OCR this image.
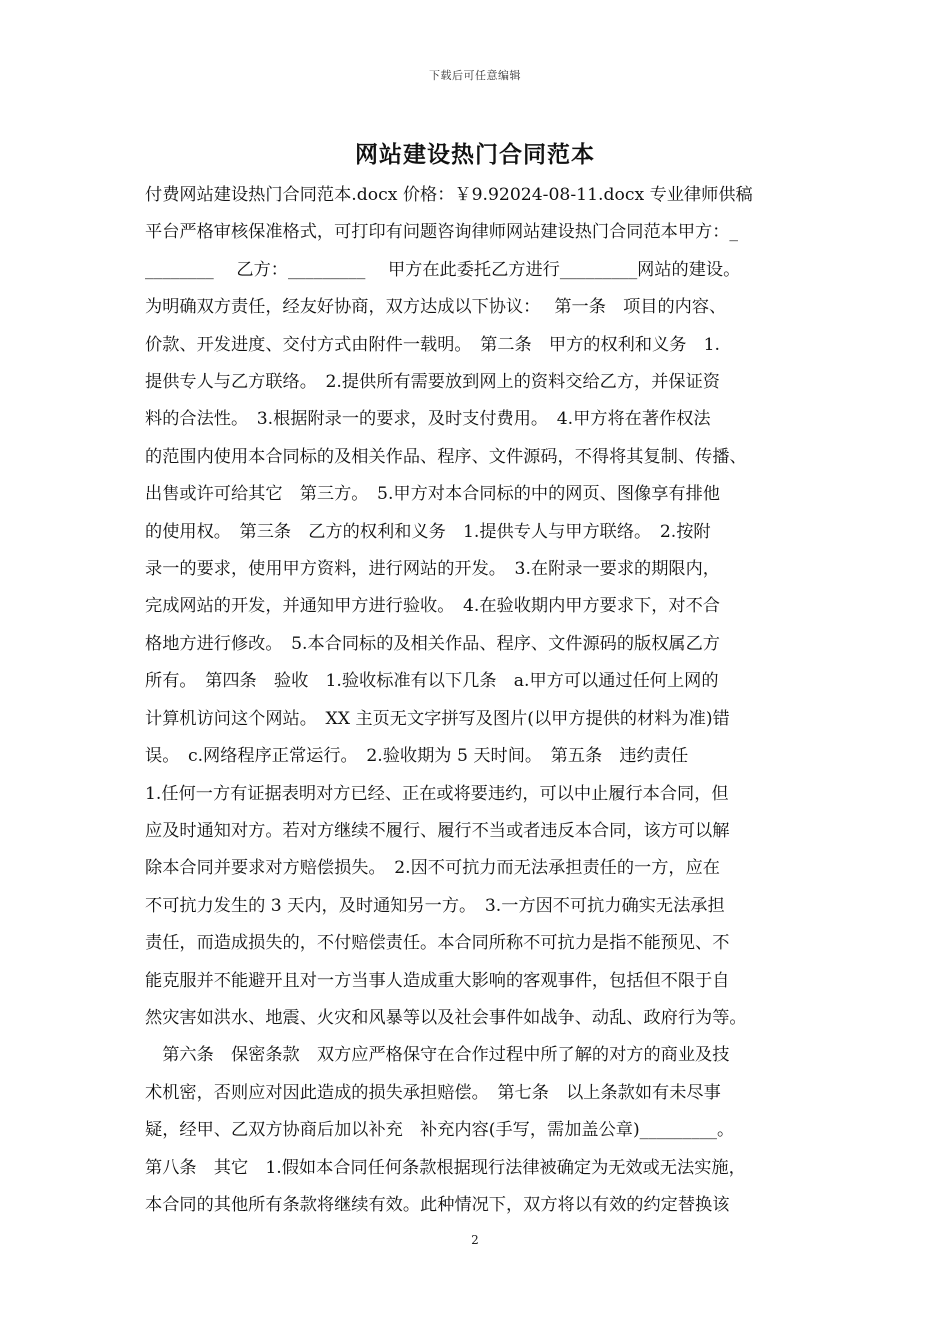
下载后可任意编辑
网站建设热门合同范本
付费网站建设热门合同范本.docx 价格：￥9.92024-08-11.docx 专业律师供稿
平台严格审核保准格式，可打印有问题咨询律师网站建设热门合同范本甲方：_
________　 乙方：_________　 甲方在此委托乙方进行_________网站的建设。
为明确双方责任，经友好协商，双方达成以下协议：　 第一条　项目的内容、
价款、开发进度、交付方式由附件一载明。　第二条　甲方的权利和义务　1.
提供专人与乙方联络。　2.提供所有需要放到网上的资料交给乙方，并保证资
料的合法性。　3.根据附录一的要求，及时支付费用。　4.甲方将在著作权法
的范围内使用本合同标的及相关作品、程序、文件源码，不得将其复制、传播、
出售或许可给其它　第三方。　5.甲方对本合同标的中的网页、图像享有排他
的使用权。　第三条　乙方的权利和义务　1.提供专人与甲方联络。　2.按附
录一的要求，使用甲方资料，进行网站的开发。　3.在附录一要求的期限内，
完成网站的开发，并通知甲方进行验收。　4.在验收期内甲方要求下，对不合
格地方进行修改。　5.本合同标的及相关作品、程序、文件源码的版权属乙方
所有。　第四条　验收　1.验收标准有以下几条　a.甲方可以通过任何上网的
计算机访问这个网站。　XX 主页无文字拼写及图片(以甲方提供的材料为准)错
误。　c.网络程序正常运行。　2.验收期为 5 天时间。　第五条　违约责任
1.任何一方有证据表明对方已经、正在或将要违约，可以中止履行本合同，但
应及时通知对方。若对方继续不履行、履行不当或者违反本合同，该方可以解
除本合同并要求对方赔偿损失。　2.因不可抗力而无法承担责任的一方，应在
不可抗力发生的 3 天内，及时通知另一方。　3.一方因不可抗力确实无法承担
责任，而造成损失的，不付赔偿责任。本合同所称不可抗力是指不能预见、不
能克服并不能避开且对一方当事人造成重大影响的客观事件，包括但不限于自
然灾害如洪水、地震、火灾和风暴等以及社会事件如战争、动乱、政府行为等。
　第六条　保密条款　双方应严格保守在合作过程中所了解的对方的商业及技
术机密，否则应对因此造成的损失承担赔偿。　第七条　以上条款如有未尽事
疑，经甲、乙双方协商后加以补充　补充内容(手写，需加盖公章)_________。
第八条　其它　1.假如本合同任何条款根据现行法律被确定为无效或无法实施，
本合同的其他所有条款将继续有效。此种情况下，双方将以有效的约定替换该
2
